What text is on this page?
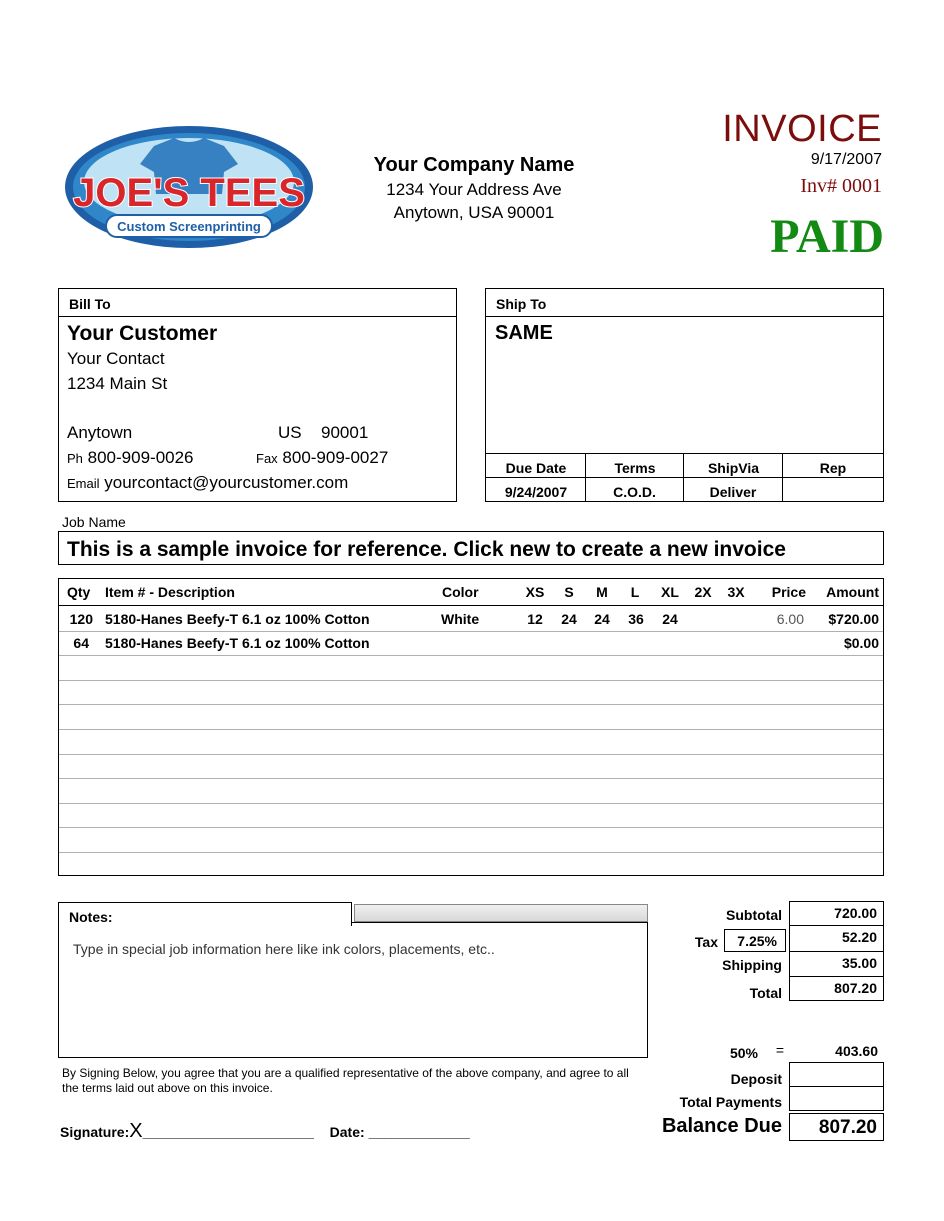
JOE'S TEES
Custom Screenprinting
Your Company Name
1234 Your Address Ave
Anytown, USA 90001
INVOICE
9/17/2007
Inv# 0001
PAID
Bill To
Your Customer
Your Contact
1234 Main St
Anytown	US 90001
Ph 800-909-0026	Fax 800-909-0027
Email yourcontact@yourcustomer.com
Ship To
SAME
Due Date	Terms	ShipVia	Rep
9/24/2007	C.O.D.	Deliver
Job Name
This is a sample invoice for reference. Click new to create a new invoice
Qty Item # - Description	Color	XS	S	M	L	XL	2X	3X	Price	Amount
120 5180-Hanes Beefy-T 6.1 oz 100% Cotton	White	12	24	24	36	24	6.00	$720.00
64 5180-Hanes Beefy-T 6.1 oz 100% Cotton	$0.00
Notes:
Type in special job information here like ink colors, placements, etc..
By Signing Below, you agree that you are a qualified representative of the above company, and agree to all the terms laid out above on this invoice.
Signature:X______________________ Date: _____________
Subtotal	720.00
Tax	7.25%	52.20
Shipping	35.00
Total	807.20
50%	=	403.60
Deposit
Total Payments
Balance Due	807.20
